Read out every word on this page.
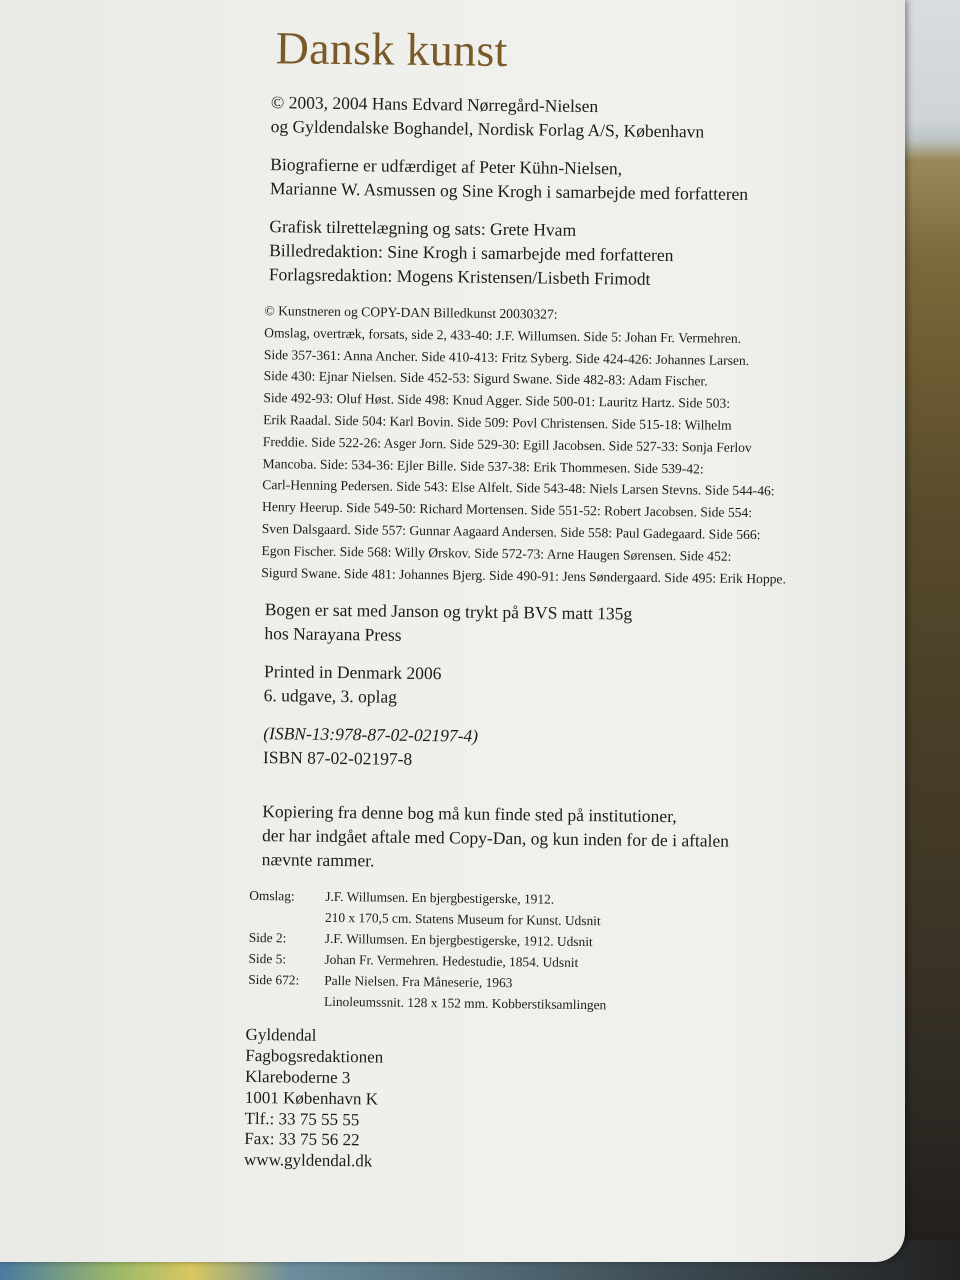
Dansk kunst

© 2003, 2004 Hans Edvard Nørregård-Nielsen

og Gyldendalske Boghandel, Nordisk Forlag A/S, København

Biografierne er udfærdiget af Peter Kühn-Nielsen,

Marianne W. Asmussen og Sine Krogh i samarbejde med forfatteren

Grafisk tilrettelægning og sats: Grete Hvam

Billedredaktion: Sine Krogh i samarbejde med forfatteren

Forlagsredaktion: Mogens Kristensen/Lisbeth Frimodt

© Kunstneren og COPY-DAN Billedkunst 20030327:

Omslag, overtræk, forsats, side 2, 433-40: J.F. Willumsen. Side 5: Johan Fr. Vermehren.

Side 357-361: Anna Ancher. Side 410-413: Fritz Syberg. Side 424-426: Johannes Larsen.

Side 430: Ejnar Nielsen. Side 452-53: Sigurd Swane. Side 482-83: Adam Fischer.

Side 492-93: Oluf Høst. Side 498: Knud Agger. Side 500-01: Lauritz Hartz. Side 503:

Erik Raadal. Side 504: Karl Bovin. Side 509: Povl Christensen. Side 515-18: Wilhelm

Freddie. Side 522-26: Asger Jorn. Side 529-30: Egill Jacobsen. Side 527-33: Sonja Ferlov

Mancoba. Side: 534-36: Ejler Bille. Side 537-38: Erik Thommesen. Side 539-42:

Carl-Henning Pedersen. Side 543: Else Alfelt. Side 543-48: Niels Larsen Stevns. Side 544-46:

Henry Heerup. Side 549-50: Richard Mortensen. Side 551-52: Robert Jacobsen. Side 554:

Sven Dalsgaard. Side 557: Gunnar Aagaard Andersen. Side 558: Paul Gadegaard. Side 566:

Egon Fischer. Side 568: Willy Ørskov. Side 572-73: Arne Haugen Sørensen. Side 452:

Sigurd Swane. Side 481: Johannes Bjerg. Side 490-91: Jens Søndergaard. Side 495: Erik Hoppe.

Bogen er sat med Janson og trykt på BVS matt 135g

hos Narayana Press

Printed in Denmark 2006

6. udgave, 3. oplag

(ISBN-13:978-87-02-02197-4)

ISBN 87-02-02197-8

Kopiering fra denne bog må kun finde sted på institutioner,

der har indgået aftale med Copy-Dan, og kun inden for de i aftalen

nævnte rammer.

Omslag:	J.F. Willumsen. En bjergbestigerske, 1912.
210 x 170,5 cm. Statens Museum for Kunst. Udsnit
Side 2:	J.F. Willumsen. En bjergbestigerske, 1912. Udsnit
Side 5:	Johan Fr. Vermehren. Hedestudie, 1854. Udsnit
Side 672:	Palle Nielsen. Fra Måneserie, 1963
Linoleumssnit. 128 x 152 mm. Kobberstiksamlingen

Gyldendal

Fagbogsredaktionen

Klareboderne 3

1001 København K

Tlf.: 33 75 55 55

Fax: 33 75 56 22

www.gyldendal.dk
